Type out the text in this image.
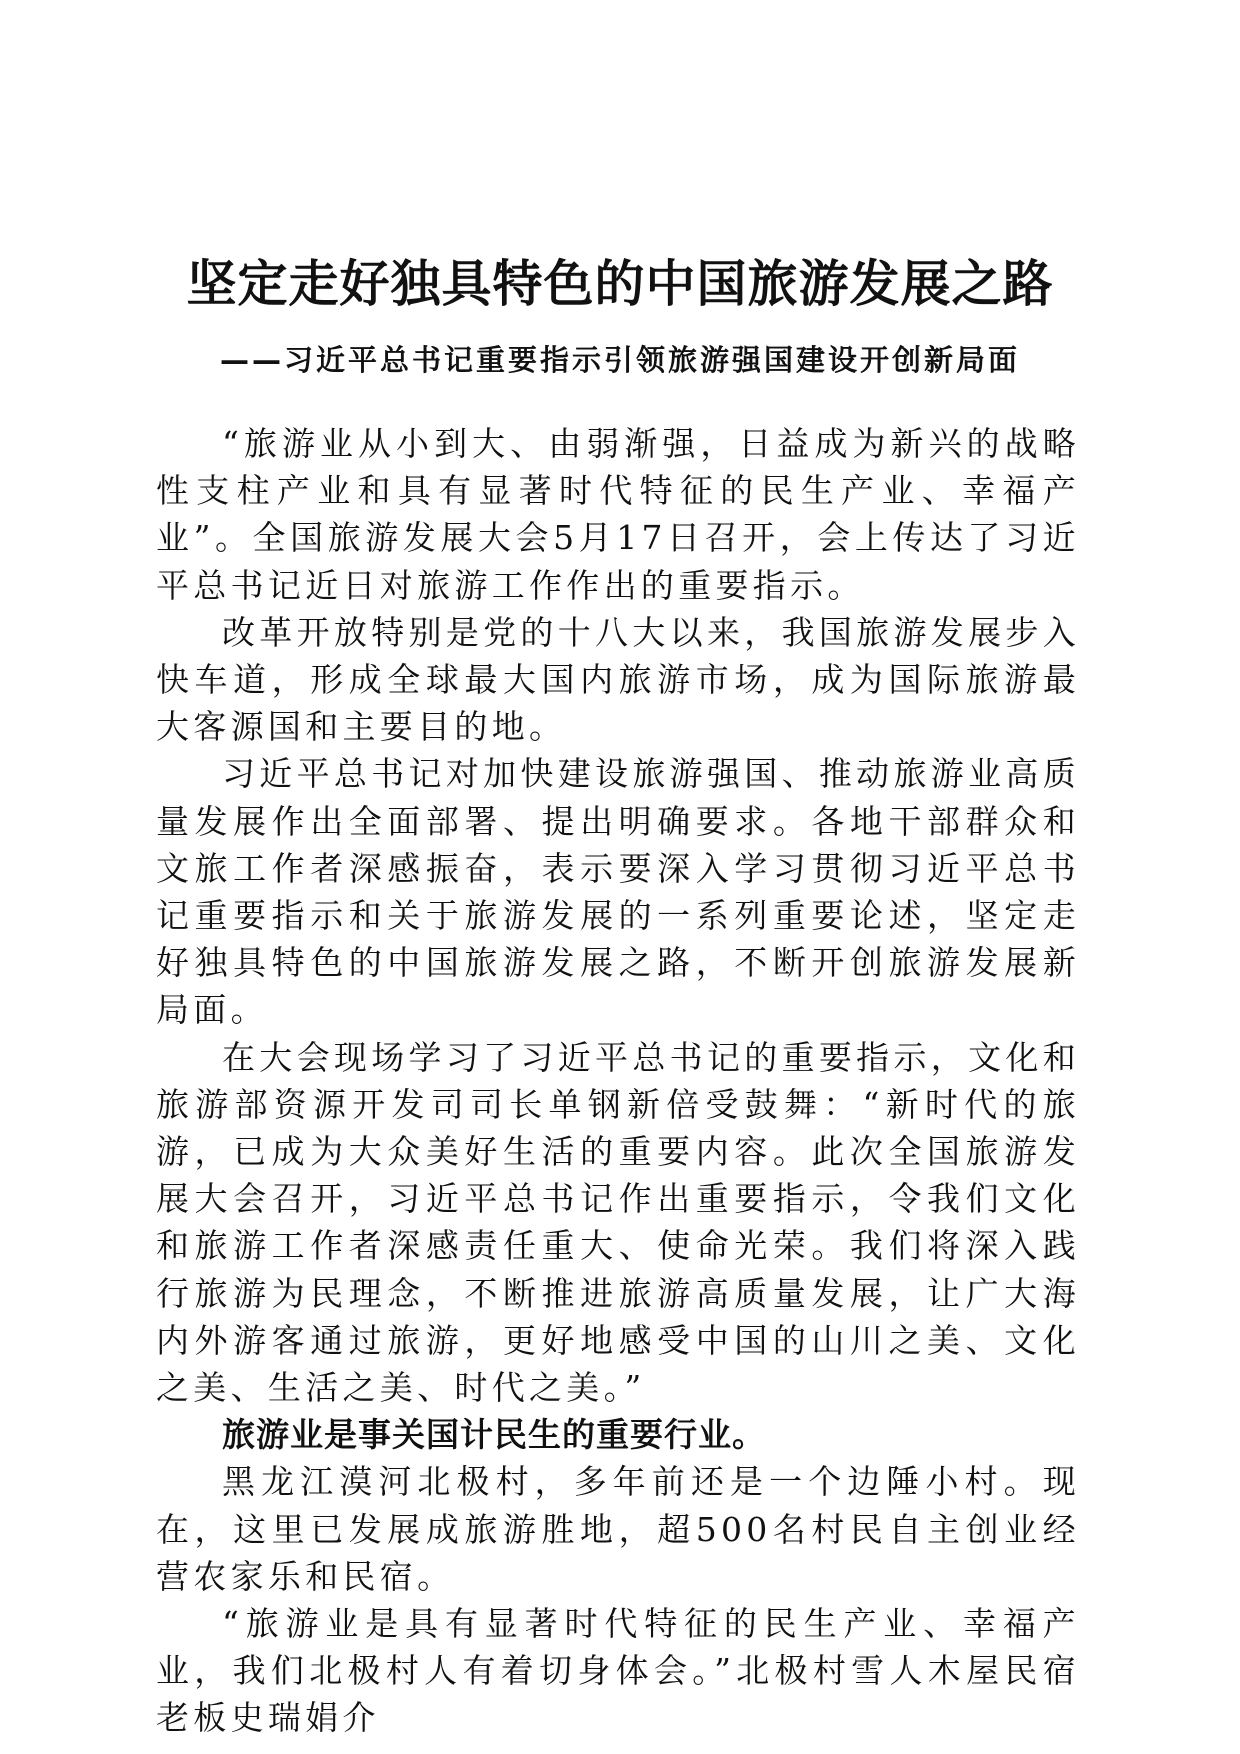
坚定走好独具特色的中国旅游发展之路
——习近平总书记重要指示引领旅游强国建设开创新局面

“旅游业从小到大、由弱渐强，日益成为新兴的战略性支柱产业和具有显著时代特征的民生产业、幸福产业”。全国旅游发展大会5月17日召开，会上传达了习近平总书记近日对旅游工作作出的重要指示。

改革开放特别是党的十八大以来，我国旅游发展步入快车道，形成全球最大国内旅游市场，成为国际旅游最大客源国和主要目的地。

习近平总书记对加快建设旅游强国、推动旅游业高质量发展作出全面部署、提出明确要求。各地干部群众和文旅工作者深感振奋，表示要深入学习贯彻习近平总书记重要指示和关于旅游发展的一系列重要论述，坚定走好独具特色的中国旅游发展之路，不断开创旅游发展新局面。

在大会现场学习了习近平总书记的重要指示，文化和旅游部资源开发司司长单钢新倍受鼓舞：“新时代的旅游，已成为大众美好生活的重要内容。此次全国旅游发展大会召开，习近平总书记作出重要指示，令我们文化和旅游工作者深感责任重大、使命光荣。我们将深入践行旅游为民理念，不断推进旅游高质量发展，让广大海内外游客通过旅游，更好地感受中国的山川之美、文化之美、生活之美、时代之美。”

旅游业是事关国计民生的重要行业。

黑龙江漠河北极村，多年前还是一个边陲小村。现在，这里已发展成旅游胜地，超500名村民自主创业经营农家乐和民宿。

“旅游业是具有显著时代特征的民生产业、幸福产业，我们北极村人有着切身体会。”北极村雪人木屋民宿老板史瑞娟介
